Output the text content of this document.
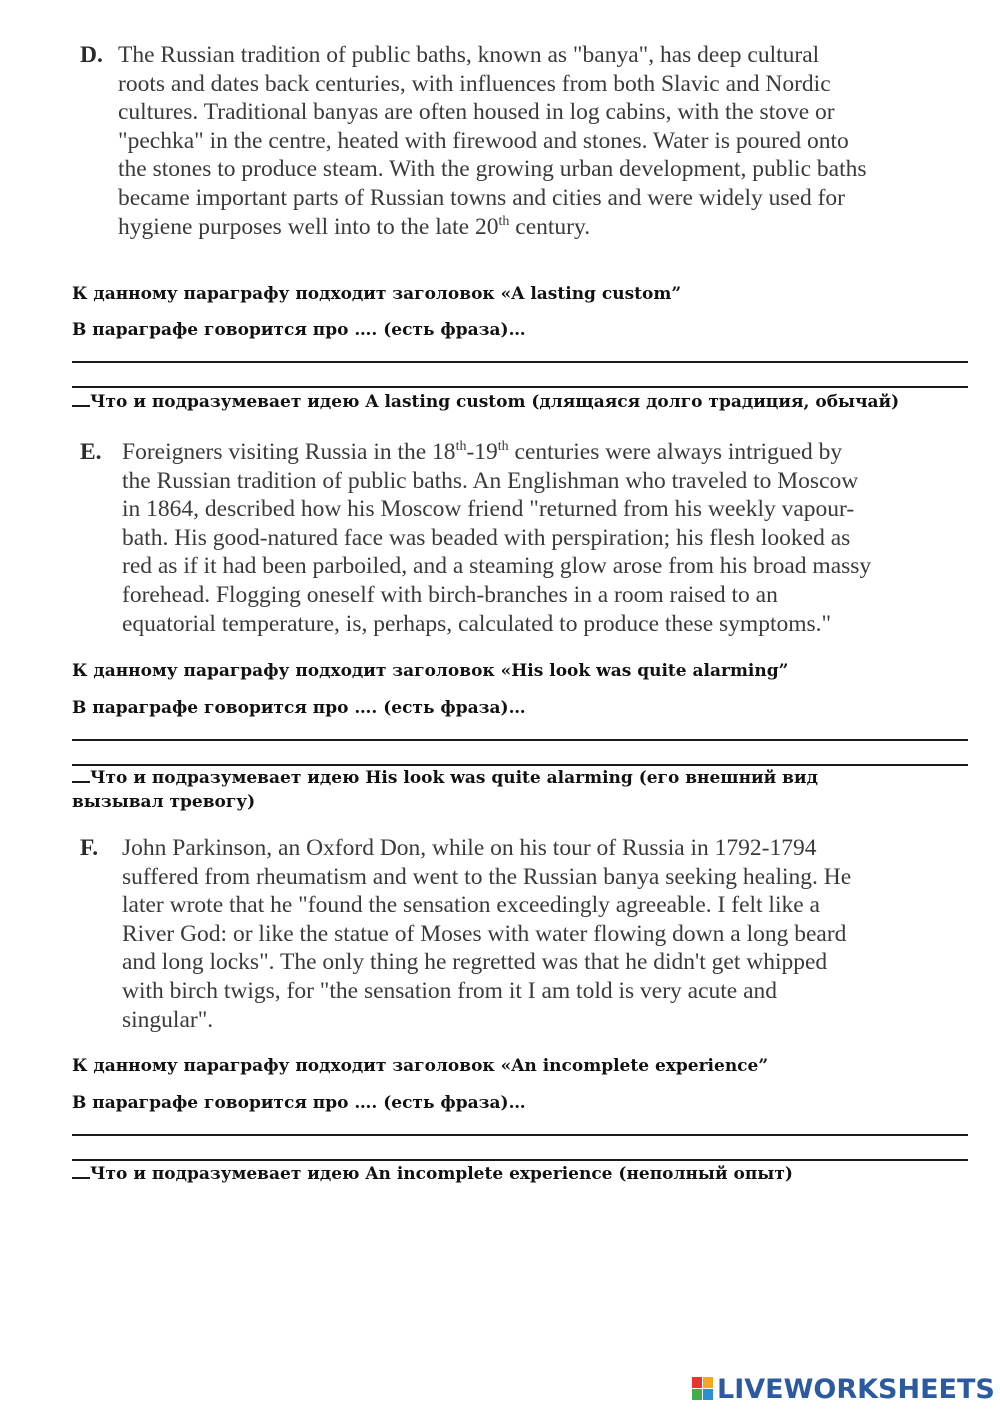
D. The Russian tradition of public baths, known as "banya", has deep cultural

roots and dates back centuries, with influences from both Slavic and Nordic

cultures. Traditional banyas are often housed in log cabins, with the stove or

"pechka" in the centre, heated with firewood and stones. Water is poured onto

the stones to produce steam. With the growing urban development, public baths

became important parts of Russian towns and cities and were widely used for

hygiene purposes well into to the late 20th century.

К данному параграфу подходит заголовок «A lasting custom”
В параграфе говорится про …. (есть фраза)…
Что и подразумевает идею A lasting custom (длящаяся долго традиция, обычай)
E. Foreigners visiting Russia in the 18th-19th centuries were always intrigued by

the Russian tradition of public baths. An Englishman who traveled to Moscow

in 1864, described how his Moscow friend "returned from his weekly vapour-

bath. His good-natured face was beaded with perspiration; his flesh looked as

red as if it had been parboiled, and a steaming glow arose from his broad massy

forehead. Flogging oneself with birch-branches in a room raised to an

equatorial temperature, is, perhaps, calculated to produce these symptoms."

К данному параграфу подходит заголовок «His look was quite alarming”
В параграфе говорится про …. (есть фраза)…
Что и подразумевает идею His look was quite alarming (его внешний вид вызывал тревогу)
F. John Parkinson, an Oxford Don, while on his tour of Russia in 1792-1794

suffered from rheumatism and went to the Russian banya seeking healing. He

later wrote that he "found the sensation exceedingly agreeable. I felt like a

River God: or like the statue of Moses with water flowing down a long beard

and long locks". The only thing he regretted was that he didn't get whipped

with birch twigs, for "the sensation from it I am told is very acute and

singular".

К данному параграфу подходит заголовок «An incomplete experience”
В параграфе говорится про …. (есть фраза)…
Что и подразумевает идею An incomplete experience (неполный опыт)
LIVEWORKSHEETS
